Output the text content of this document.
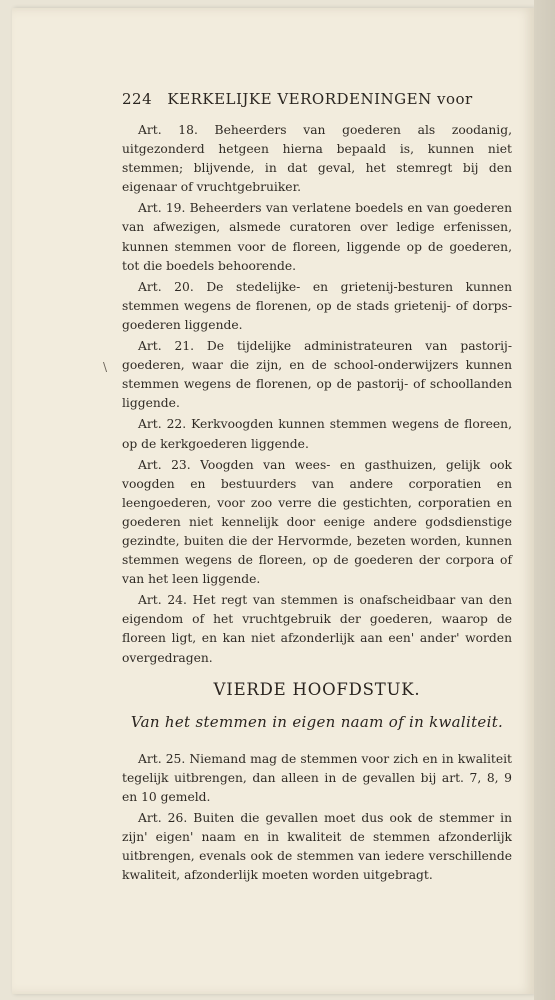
224 KERKELIJKE VERORDENINGEN voor
\

Art. 18. Beheerders van goederen als zoodanig, uitgezonderd hetgeen hierna bepaald is, kunnen niet stemmen; blijvende, in dat geval, het stemregt bij den eigenaar of vruchtgebruiker.

Art. 19. Beheerders van verlatene boedels en van goederen van afwezigen, alsmede curatoren over ledige erfenissen, kunnen stemmen voor de floreen, liggende op de goederen, tot die boedels behoorende.

Art. 20. De stedelijke- en grietenij-besturen kunnen stemmen wegens de florenen, op de stads grietenij- of dorps-goederen liggende.

Art. 21. De tijdelijke administrateuren van pastorij-goederen, waar die zijn, en de school-onderwijzers kunnen stemmen wegens de florenen, op de pastorij- of schoollanden liggende.

Art. 22. Kerkvoogden kunnen stemmen wegens de floreen, op de kerkgoederen liggende.

Art. 23. Voogden van wees- en gasthuizen, gelijk ook voogden en bestuurders van andere corporatien en leengoederen, voor zoo verre die gestichten, corporatien en goederen niet kennelijk door eenige andere godsdienstige gezindte, buiten die der Hervormde, bezeten worden, kunnen stemmen wegens de floreen, op de goederen der corpora of van het leen liggende.

Art. 24. Het regt van stemmen is onafscheidbaar van den eigendom of het vruchtgebruik der goederen, waarop de floreen ligt, en kan niet afzonderlijk aan een' ander' worden overgedragen.

VIERDE HOOFDSTUK.
Van het stemmen in eigen naam of in kwaliteit.

Art. 25. Niemand mag de stemmen voor zich en in kwaliteit tegelijk uitbrengen, dan alleen in de gevallen bij art. 7, 8, 9 en 10 gemeld.

Art. 26. Buiten die gevallen moet dus ook de stemmer in zijn' eigen' naam en in kwaliteit de stemmen afzonderlijk uitbrengen, evenals ook de stemmen van iedere verschillende kwaliteit, afzonderlijk moeten worden uitgebragt.
